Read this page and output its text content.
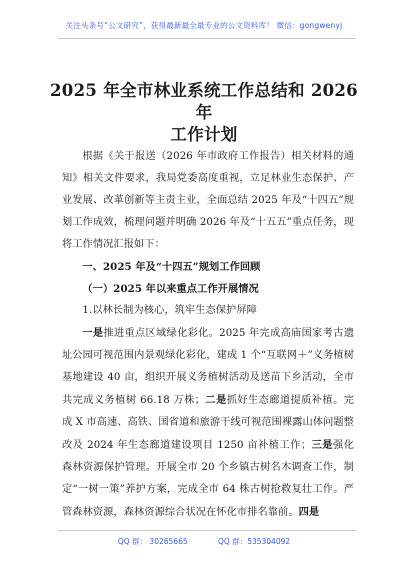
关注头条号“公文研究”，获得最新最全最专业的公文资料库！ 微信：gongwenyj
2025 年全市林业系统工作总结和 2026 年
工作计划

根据《关于报送（2026 年市政府工作报告）相关材料的通知》相关文件要求，我局党委高度重视，立足林业生态保护、产业发展、改革创新等主责主业，全面总结 2025 年及“十四五”规划工作成效，梳理问题并明确 2026 年及“十五五”重点任务，现将工作情况汇报如下：

一、2025 年及“十四五”规划工作回顾

（一）2025 年以来重点工作开展情况

1.以林长制为核心，筑牢生态保护屏障

一是推进重点区域绿化彩化。2025 年完成高庙国家考古遗址公园可视范围内景观绿化彩化，建成 1 个“互联网＋”义务植树基地建设 40 亩，组织开展义务植树活动及送苗下乡活动，全市共完成义务植树 66.18 万株；二是抓好生态廊道提质补植。完成 X 市高速、高铁、国省道和旅游干线可视范围裸露山体问题整改及 2024 年生态廊道建设项目 1250 亩补植工作；三是强化森林资源保护管理。开展全市 20 个乡镇古树名木调查工作，制定“一树一策”养护方案，完成全市 64 株古树抢救复壮工作。严管森林资源，森林资源综合状况在怀化市排名靠前。四是

QQ 群： 30265665	QQ 群：535304092
